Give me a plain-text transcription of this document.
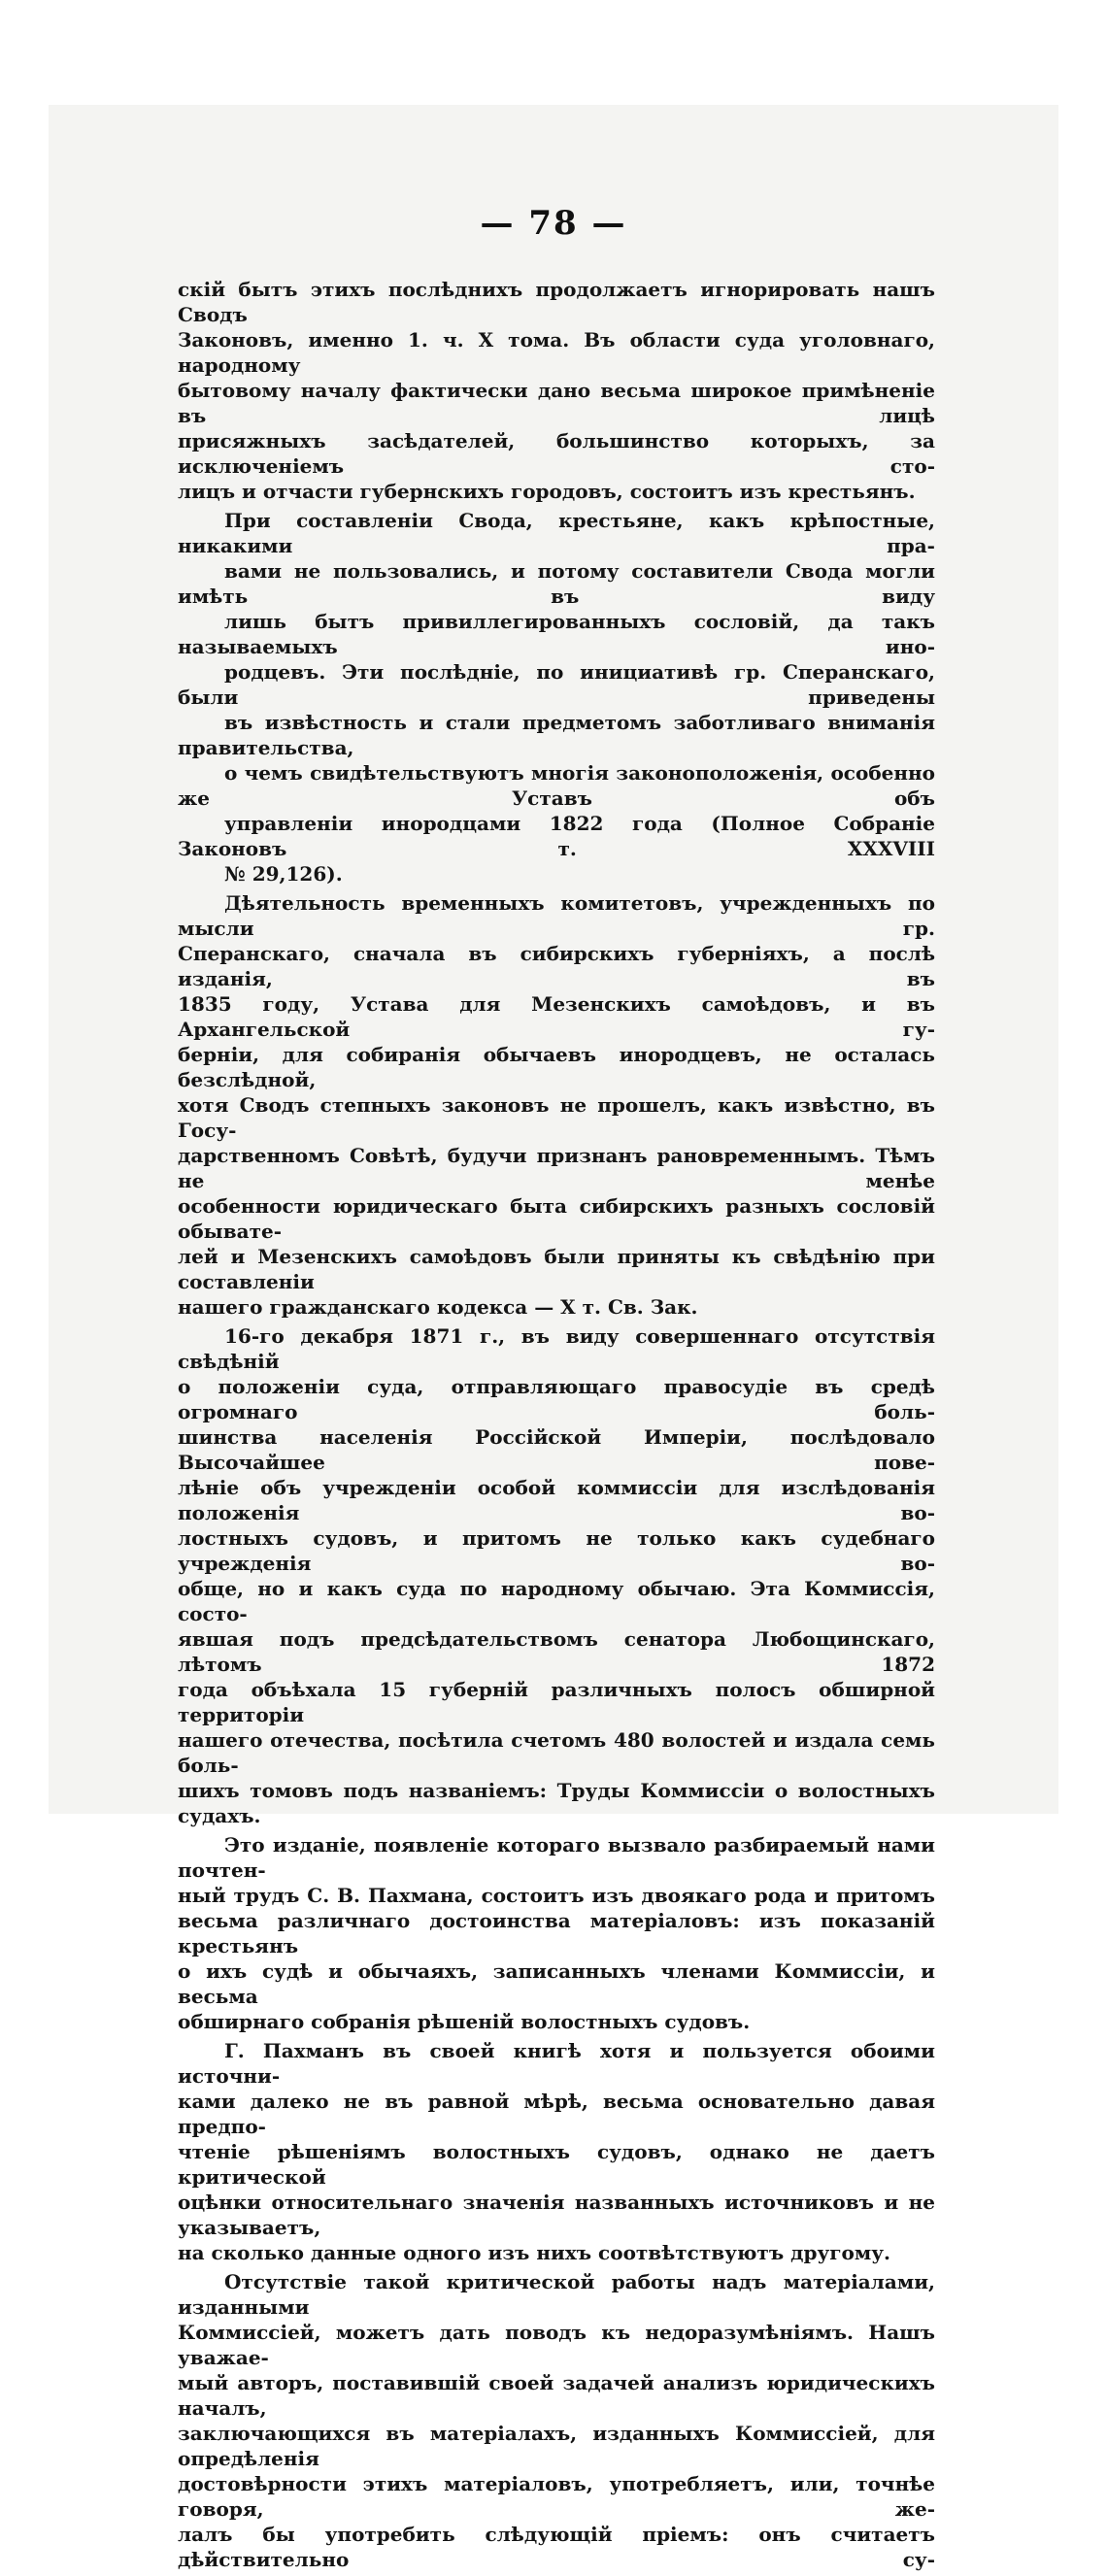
— 78 —
скій бытъ этихъ послѣднихъ продолжаетъ игнорировать нашъ Сводъ
Законовъ, именно 1. ч. X тома. Въ области суда уголовнаго, народному
бытовому началу фактически дано весьма широкое примѣненіе въ лицѣ
присяжныхъ засѣдателей, большинство которыхъ, за исключеніемъ сто-
лицъ и отчасти губернскихъ городовъ, состоитъ изъ крестьянъ.
При составленіи Свода, крестьяне, какъ крѣпостные, никакими пра-
вами не пользовались, и потому составители Свода могли имѣть въ виду
лишь бытъ привиллегированныхъ сословій, да такъ называемыхъ ино-
родцевъ. Эти послѣдніе, по инициативѣ гр. Сперанскаго, были приведены
въ извѣстность и стали предметомъ заботливаго вниманія правительства,
о чемъ свидѣтельствуютъ многія законоположенія, особенно же Уставъ объ
управленіи инородцами 1822 года (Полное Собраніе Законовъ т. XXXVIII
№ 29,126).
Дѣятельность временныхъ комитетовъ, учрежденныхъ по мысли гр.
Сперанскаго, сначала въ сибирскихъ губерніяхъ, а послѣ изданія, въ
1835 году, Устава для Мезенскихъ самоѣдовъ, и въ Архангельской гу-
берніи, для собиранія обычаевъ инородцевъ, не осталась безслѣдной,
хотя Сводъ степныхъ законовъ не прошелъ, какъ извѣстно, въ Госу-
дарственномъ Совѣтѣ, будучи признанъ рановременнымъ. Тѣмъ не менѣе
особенности юридическаго быта сибирскихъ разныхъ сословій обывате-
лей и Мезенскихъ самоѣдовъ были приняты къ свѣдѣнію при составленіи
нашего гражданскаго кодекса — X т. Св. Зак.
16-го декабря 1871 г., въ виду совершеннаго отсутствія свѣдѣній
о положеніи суда, отправляющаго правосудіе въ средѣ огромнаго боль-
шинства населенія Россійской Имперіи, послѣдовало Высочайшее пове-
лѣніе объ учрежденіи особой коммиссіи для изслѣдованія положенія во-
лостныхъ судовъ, и притомъ не только какъ судебнаго учрежденія во-
обще, но и какъ суда по народному обычаю. Эта Коммиссія, состо-
явшая подъ предсѣдательствомъ сенатора Любощинскаго, лѣтомъ 1872
года объѣхала 15 губерній различныхъ полосъ обширной территоріи
нашего отечества, посѣтила счетомъ 480 волостей и издала семь боль-
шихъ томовъ подъ названіемъ: Труды Коммиссіи о волостныхъ судахъ.
Это изданіе, появленіе котораго вызвало разбираемый нами почтен-
ный трудъ С. В. Пахмана, состоитъ изъ двоякаго рода и притомъ
весьма различнаго достоинства матеріаловъ: изъ показаній крестьянъ
о ихъ судѣ и обычаяхъ, записанныхъ членами Коммиссіи, и весьма
обширнаго собранія рѣшеній волостныхъ судовъ.
Г. Пахманъ въ своей книгѣ хотя и пользуется обоими источни-
ками далеко не въ равной мѣрѣ, весьма основательно давая предпо-
чтеніе рѣшеніямъ волостныхъ судовъ, однако не даетъ критической
оцѣнки относительнаго значенія названныхъ источниковъ и не указываетъ,
на сколько данные одного изъ нихъ соотвѣтствуютъ другому.
Отсутствіе такой критической работы надъ матеріалами, изданными
Коммиссіей, можетъ дать поводъ къ недоразумѣніямъ. Нашъ уважае-
мый авторъ, поставившій своей задачей анализъ юридическихъ началъ,
заключающихся въ матеріалахъ, изданныхъ Коммиссіей, для опредѣленія
достовѣрности этихъ матеріаловъ, употребляетъ, или, точнѣе говоря, же-
лалъ бы употребить слѣдующій пріемъ: онъ считаетъ дѣйствительно су-
